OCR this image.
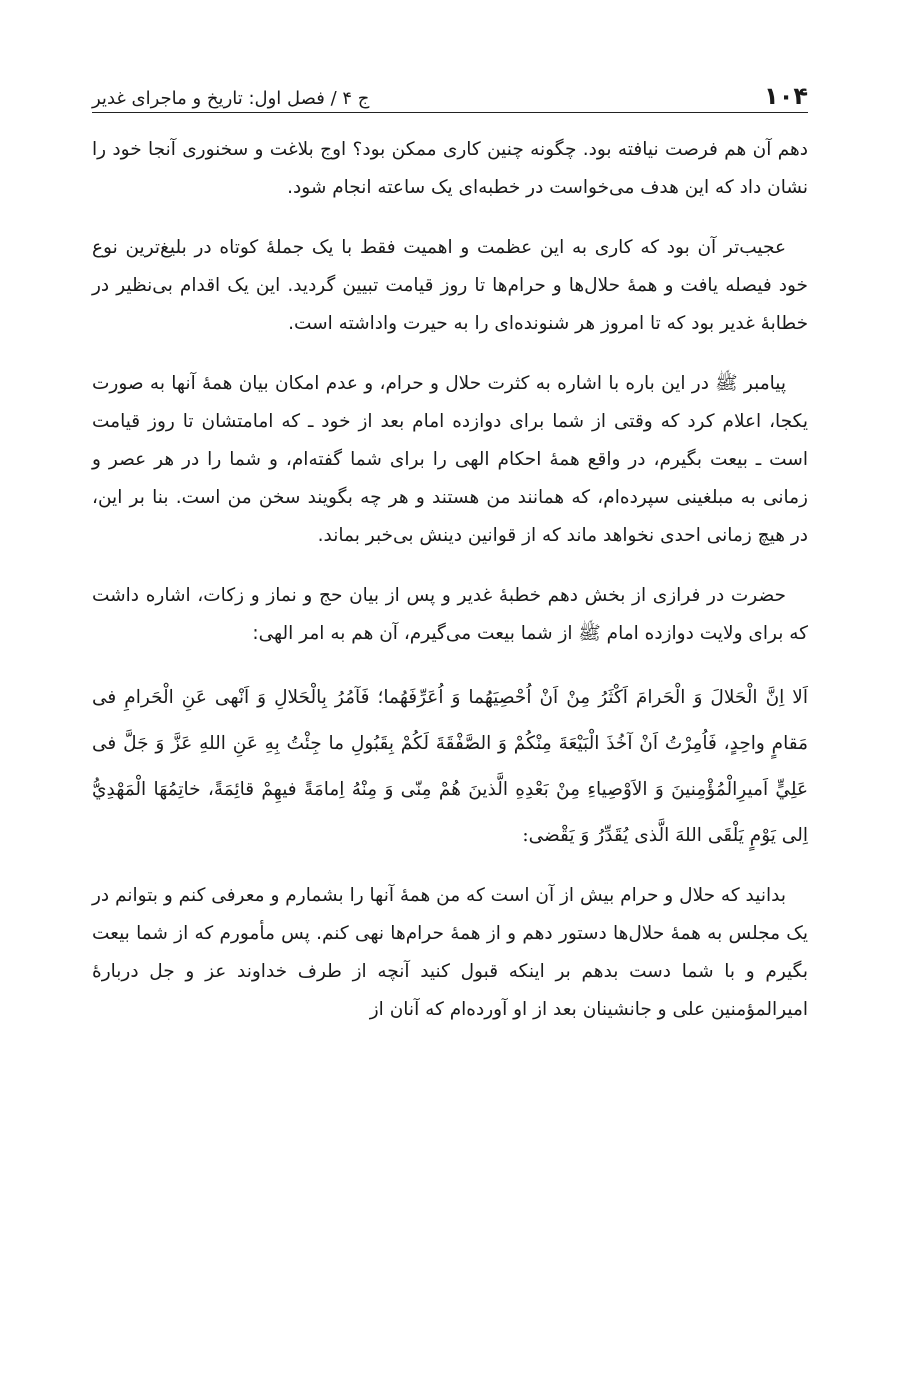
۱۰۴
ج ۴ / فصل اول: تاریخ و ماجرای غدیر

دهم آن هم فرصت نیافته بود. چگونه چنین کاری ممکن بود؟ اوج بلاغت و سخنوری آنجا خود را نشان داد که این هدف می‌خواست در خطبه‌ای یک ساعته انجام شود.

عجیب‌تر آن بود که کاری به این عظمت و اهمیت فقط با یک جملهٔ کوتاه در بلیغ‌ترین نوع خود فیصله یافت و همهٔ حلال‌ها و حرام‌ها تا روز قیامت تبیین گردید. این یک اقدام بی‌نظیر در خطابهٔ غدیر بود که تا امروز هر شنونده‌ای را به حیرت واداشته است.

پیامبر ﷺ در این باره با اشاره به کثرت حلال و حرام، و عدم امکان بیان همهٔ آنها به صورت یکجا، اعلام کرد که وقتی از شما برای دوازده امام بعد از خود ـ که امامتشان تا روز قیامت است ـ بیعت بگیرم، در واقع همهٔ احکام الهی را برای شما گفته‌ام، و شما را در هر عصر و زمانی به مبلغینی سپرده‌ام، که همانند من هستند و هر چه بگویند سخن من است. بنا بر این، در هیچ زمانی احدی نخواهد ماند که از قوانین دینش بی‌خبر بماند.

حضرت در فرازی از بخش دهم خطبهٔ غدیر و پس از بیان حج و نماز و زکات، اشاره داشت که برای ولایت دوازده امام ﷺ از شما بیعت می‌گیرم، آن هم به امر الهی:

اَلا اِنَّ الْحَلالَ وَ الْحَرامَ اَكْثَرُ مِنْ اَنْ اُحْصِيَهُما وَ اُعَرِّفَهُما؛ فَآمُرُ بِالْحَلالِ وَ اَنْهى عَنِ الْحَرامِ فى مَقامٍ واحِدٍ، فَاُمِرْتُ اَنْ آخُذَ الْبَيْعَةَ مِنْكُمْ وَ الصَّفْقَةَ لَكُمْ بِقَبُولِ ما جِئْتُ بِهِ عَنِ اللهِ عَزَّ وَ جَلَّ فى عَلِيٍّ اَميرِالْمُؤْمِنينَ وَ الاَوْصِياءِ مِنْ بَعْدِهِ الَّذينَ هُمْ مِنّى وَ مِنْهُ اِمامَةً فيهِمْ قائِمَةً، خاتِمُهَا الْمَهْدِيُّ اِلى يَوْمٍ يَلْقَى اللهَ الَّذى يُقَدِّرُ وَ يَقْضى:

بدانید که حلال و حرام بیش از آن است که من همهٔ آنها را بشمارم و معرفی کنم و بتوانم در یک مجلس به همهٔ حلال‌ها دستور دهم و از همهٔ حرام‌ها نهی کنم. پس مأمورم که از شما بیعت بگیرم و با شما دست بدهم بر اینکه قبول کنید آنچه از طرف خداوند عز و جل دربارهٔ امیرالمؤمنین علی و جانشینان بعد از او آورده‌ام که آنان از
